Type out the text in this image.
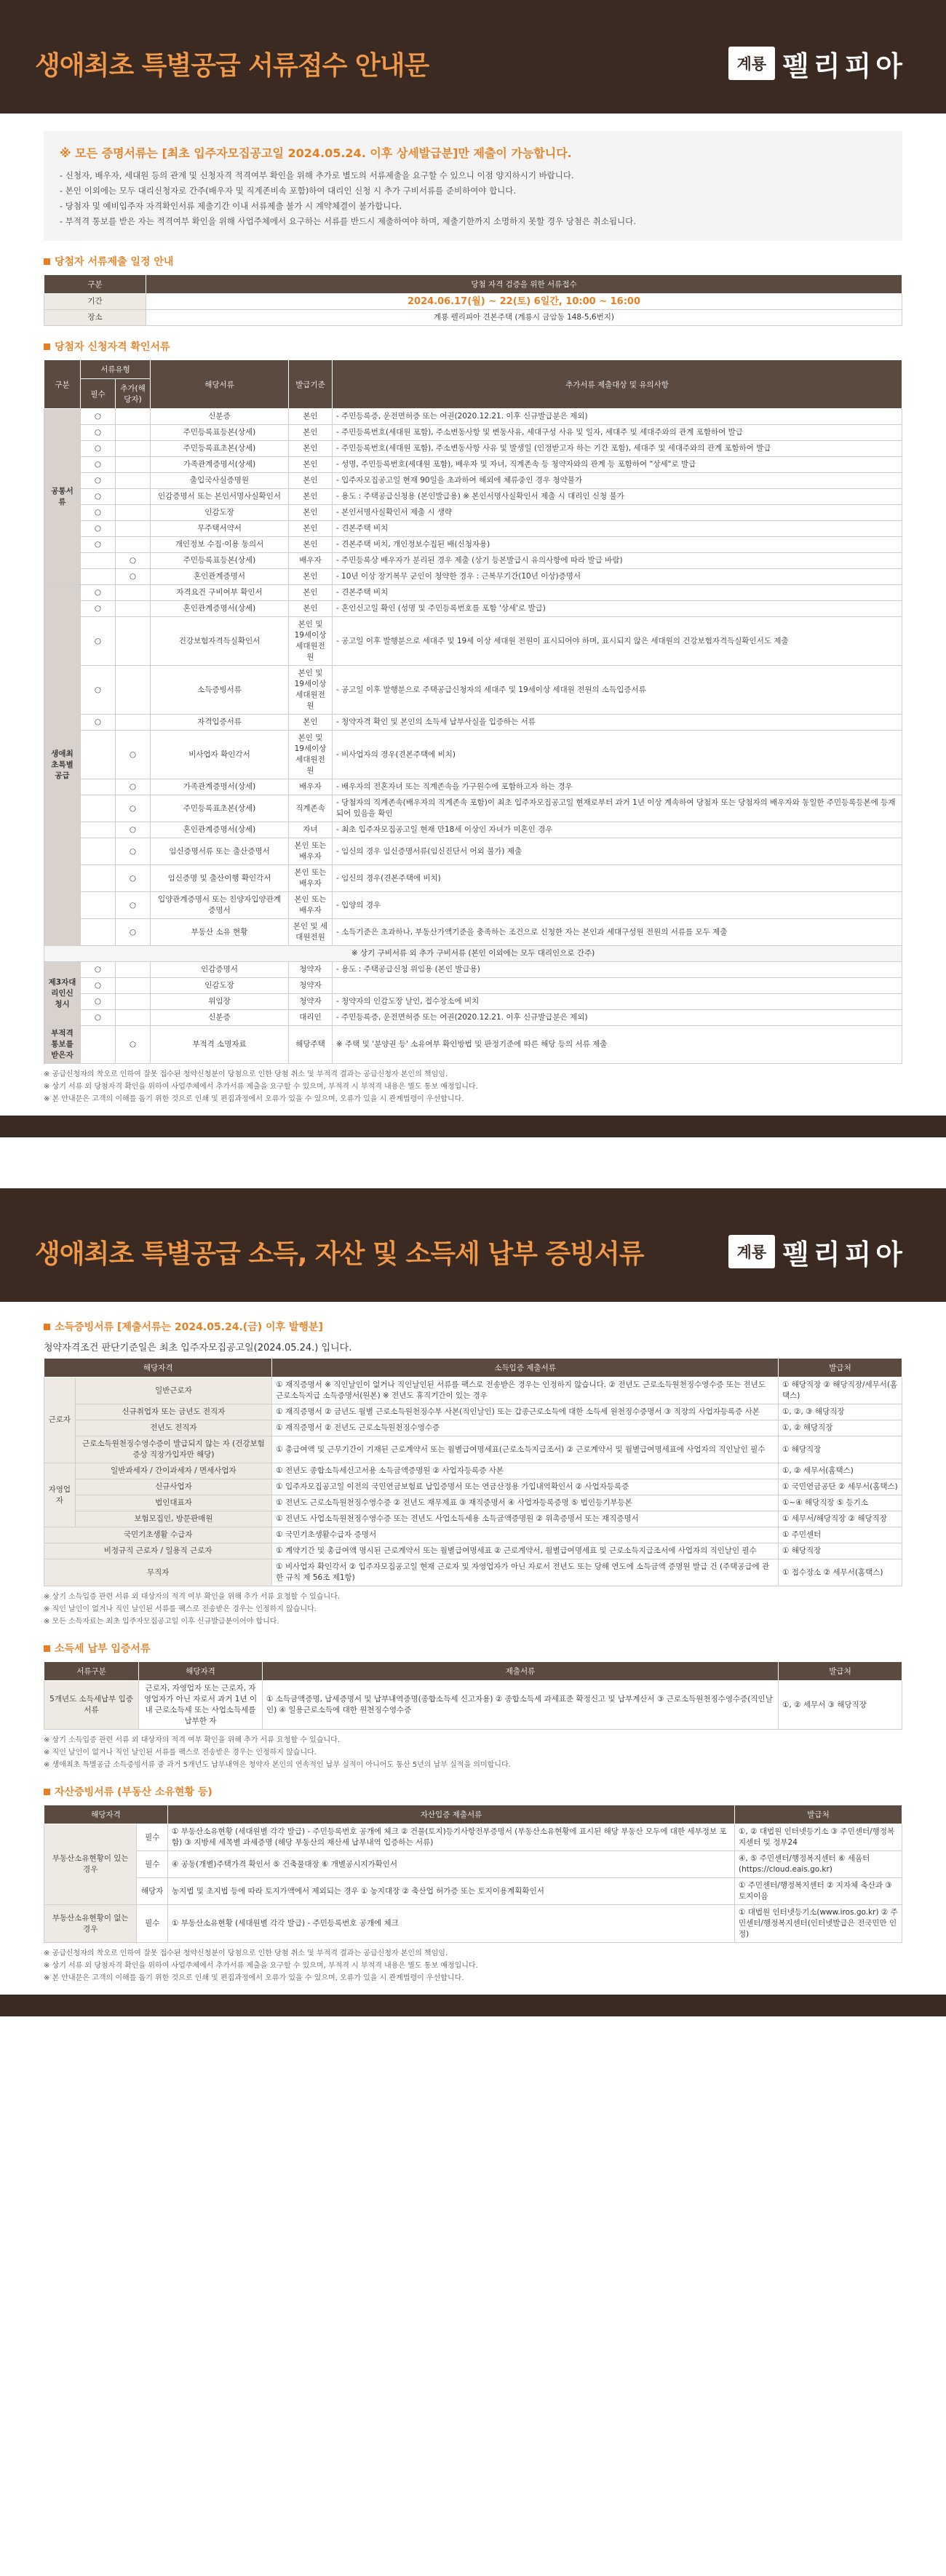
생애최초 특별공급 서류접수 안내문	계룡 펠리피아
※ 모든 증명서류는 [최초 입주자모집공고일 2024.05.24. 이후 상세발급분]만 제출이 가능합니다.

- 신청자, 배우자, 세대원 등의 관계 및 신청자격 적격여부 확인을 위해 추가로 별도의 서류제출을 요구할 수 있으니 이점 양지하시기 바랍니다.

- 본인 이외에는 모두 대리신청자로 간주(배우자 및 직계존비속 포함)하여 대리인 신청 시 추가 구비서류를 준비하여야 합니다.

- 당첨자 및 예비입주자 자격확인서류 제출기간 이내 서류제출 불가 시 계약체결이 불가합니다.

- 부적격 통보를 받은 자는 적격여부 확인을 위해 사업주체에서 요구하는 서류를 반드시 제출하여야 하며, 제출기한까지 소명하지 못할 경우 당첨은 취소됩니다.

당첨자 서류제출 일정 안내
구분	당첨 자격 검증을 위한 서류접수
기간	2024.06.17(월) ~ 22(토) 6일간, 10:00 ~ 16:00
장소	계룡 펠리피아 견본주택 (계룡시 금암동 148-5,6번지)
당첨자 신청자격 확인서류
구분	서류유형		해당서류	발급기준	추가서류 제출대상 및 유의사항
	필수	추가(해당자)			
공통서류	○		신분증	본인	- 주민등록증, 운전면허증 또는 여권(2020.12.21. 이후 신규발급분은 제외)
	○		주민등록표등본(상세)	본인	- 주민등록번호(세대원 포함), 주소변동사항 및 변동사유, 세대구성 사유 및 일자, 세대주 및 세대주와의 관계 포함하여 발급
	○		주민등록표초본(상세)	본인	- 주민등록번호(세대원 포함), 주소변동사항 사유 및 발생일 (인정받고자 하는 기간 포함), 세대주 및 세대주와의 관계 포함하여 발급
	○		가족관계증명서(상세)	본인	- 성명, 주민등록번호(세대원 포함), 배우자 및 자녀, 직계존속 등 청약자와의 관계 등 포함하여 "상세"로 발급
	○		출입국사실증명원	본인	- 입주자모집공고일 현재 90일을 초과하여 해외에 체류중인 경우 청약불가
	○		인감증명서 또는 본인서명사실확인서	본인	- 용도 : 주택공급신청용 (본인발급용) ※ 본인서명사실확인서 제출 시 대리인 신청 불가
	○		인감도장	본인	- 본인서명사실확인서 제출 시 생략
	○		무주택서약서	본인	- 견본주택 비치
	○		개인정보 수집·이용 동의서	본인	- 견본주택 비치, 개인정보수집된 배(신청자용)
		○	주민등록표등본(상세)	배우자	- 주민등록상 배우자가 분리된 경우 제출 (상기 등본발급시 유의사항에 따라 발급 바람)
		○	혼인관계증명서	본인	- 10년 이상 장기복무 군인이 청약한 경우 : 근복무기간(10년 이상)증명서
생애최초특별공급	○		자격요건 구비여부 확인서	본인	- 견본주택 비치
	○		혼인관계증명서(상세)	본인	- 혼인신고일 확인 (성명 및 주민등록번호를 포함 '상세'로 발급)
	○		건강보험자격득실확인서	본인 및 19세이상 세대원전원	- 공고일 이후 발행분으로 세대주 및 19세 이상 세대원 전원이 표시되어야 하며, 표시되지 않은 세대원의 건강보험자격득실확인서도 제출
	○		소득증빙서류	본인 및 19세이상 세대원전원	- 공고일 이후 발행분으로 주택공급신청자의 세대주 및 19세이상 세대원 전원의 소득입증서류
	○		자격입증서류	본인	- 청약자격 확인 및 본인의 소득세 납부사실을 입증하는 서류
		○	비사업자 확인각서	본인 및 19세이상 세대원전원	- 비사업자의 경우(견본주택에 비치)
		○	가족관계증명서(상세)	배우자	- 배우자의 전혼자녀 또는 직계존속을 가구원수에 포함하고자 하는 경우
		○	주민등록표초본(상세)	직계존속	- 당첨자의 직계존속(배우자의 직계존속 포함)이 최초 입주자모집공고일 현재로부터 과거 1년 이상 계속하여 당첨자 또는 당첨자의 배우자와 동일한 주민등록등본에 등재되어 있음을 확인
		○	혼인관계증명서(상세)	자녀	- 최초 입주자모집공고일 현재 만18세 이상인 자녀가 미혼인 경우
		○	임신증명서류 또는 출산증명서	본인 또는 배우자	- 임신의 경우 임신증명서류(임신진단서 어외 불가) 제출
		○	임신증명 및 출산이행 확인각서	본인 또는 배우자	- 임신의 경우(견본주택에 비치)
		○	입양관계증명서 또는 친양자입양관계증명서	본인 또는 배우자	- 입양의 경우
		○	부동산 소유 현황	본인 및 세대원전원	- 소득기준은 초과하나, 부동산가액기준을 충족하는 조건으로 신청한 자는 본인과 세대구성원 전원의 서류를 모두 제출
※ 상기 구비서류 외 추가 구비서류 (본인 이외에는 모두 대리인으로 간주)					
제3자대리인신청시	○		인감증명서	청약자	- 용도 : 주택공급신청 위임용 (본인 발급용)
	○		인감도장	청약자	
	○		위임장	청약자	- 청약자의 인감도장 날인, 접수장소에 비치
	○		신분증	대리인	- 주민등록증, 운전면허증 또는 여권(2020.12.21. 이후 신규발급분은 제외)
부적격통보를받은자		○	부적격 소명자료	해당주택	※ 주택 및 '분양권 등' 소유여부 확인방법 및 판정기준에 따른 해당 등의 서류 제출
※ 공급신청자의 착오로 인하여 잘못 접수된 청약신청분이 당첨으로 인한 당첨 취소 및 부적격 결과는 공급신청자 본인의 책임임.
※ 상기 서류 외 당첨자격 확인을 위하여 사업주체에서 추가서류 제출을 요구할 수 있으며, 부적격 시 부적격 내용은 별도 통보 예정입니다.
※ 본 안내문은 고객의 이해를 돕기 위한 것으로 인쇄 및 편집과정에서 오류가 있을 수 있으며, 오류가 있을 시 관계법령이 우선합니다.
생애최초 특별공급 소득, 자산 및 소득세 납부 증빙서류	계룡 펠리피아
소득증빙서류 [제출서류는 2024.05.24.(금) 이후 발행분]
청약자격조건 판단기준일은 최초 입주자모집공고일(2024.05.24.) 입니다.
해당자격		소득입증 제출서류	발급처
근로자	일반근로자	① 재직증명서 ※ 직인날인이 없거나 직인날인된 서류를 팩스로 전송받은 경우는 인정하지 않습니다. ② 전년도 근로소득원천징수영수증 또는 전년도 근로소득지급 소득증명서(원본) ※ 전년도 휴직기간이 있는 경우	① 해당직장 ② 해당직장/세무서(홈택스)
	신규취업자 또는 금년도 전직자	① 재직증명서 ② 금년도 월별 근로소득원천징수부 사본(직인날인) 또는 갑종근로소득에 대한 소득세 원천징수증명서 ③ 직장의 사업자등록증 사본	①, ②, ③ 해당직장
	전년도 전직자	① 재직증명서 ② 전년도 근로소득원천징수영수증	①, ② 해당직장
	근로소득원천징수영수증이 발급되지 않는 자 (건강보험증상 직장가입자만 해당)	① 총급여액 및 근무기간이 기재된 근로계약서 또는 월별급여명세표(근로소득지급조서) ② 근로계약서 및 월별급여명세표에 사업자의 직인날인 필수	① 해당직장
자영업자	일반과세자 / 간이과세자 / 면세사업자	① 전년도 종합소득세신고서용 소득금액증명원 ② 사업자등록증 사본	①, ② 세무서(홈택스)
	신규사업자	① 입주자모집공고일 이전의 국민연금보험료 납입증명서 또는 연금산정용 가입내역확인서 ② 사업자등록증	① 국민연금공단 ② 세무서(홈택스)
	법인대표자	① 전년도 근로소득원천징수영수증 ② 전년도 재무제표 ③ 재직증명서 ④ 사업자등록증명 ⑤ 법인등기부등본	①~④ 해당직장 ⑤ 등기소
	보험모집인, 방문판매원	① 전년도 사업소득원천징수영수증 또는 전년도 사업소득세용 소득금액증명원 ② 위촉증명서 또는 재직증명서	① 세무서/해당직장 ② 해당직장
국민기초생활 수급자		① 국민기초생활수급자 증명서	① 주민센터
비정규직 근로자 / 일용직 근로자		① 계약기간 및 총급여액 명시된 근로계약서 또는 월별급여명세표 ② 근로계약서, 월별급여명세표 및 근로소득지급조서에 사업자의 직인날인 필수	① 해당직장
무직자		① 비사업자 확인각서 ② 입주자모집공고일 현재 근로자 및 자영업자가 아닌 자로서 전년도 또는 당해 연도에 소득금액 증명원 발급 건 (주택공급에 관한 규칙 제 56조 제1항)	① 접수장소 ② 세무서(홈택스)
※ 상기 소득입증 관련 서류 외 대상자의 적격 여부 확인을 위해 추가 서류 요청할 수 있습니다.
※ 직인 날인이 없거나 직인 날인된 서류를 팩스로 전송받은 경우는 인정하지 않습니다.
※ 모든 소득자료는 최초 입주자모집공고일 이후 신규발급분이어야 합니다.
소득세 납부 입증서류
서류구분	해당자격	제출서류	발급처
5개년도 소득세납부 입증서류	근로자, 자영업자 또는 근로자, 자영업자가 아닌 자로서 과거 1년 이내 근로소득세 또는 사업소득세를 납부한 자	① 소득금액증명, 납세증명서 및 납부내역증명(종합소득세 신고자용) ② 종합소득세 과세표준 확정신고 및 납부계산서 ③ 근로소득원천징수영수증(직인날인) ④ 일용근로소득에 대한 원천징수영수증	①, ② 세무서 ③ 해당직장
※ 상기 소득입증 관련 서류 외 대상자의 적격 여부 확인을 위해 추가 서류 요청할 수 있습니다.
※ 직인 날인이 없거나 직인 날인된 서류를 팩스로 전송받은 경우는 인정하지 않습니다.
※ 생애최초 특별공급 소득증빙서류 중 과거 5개년도 납부내역은 청약자 본인의 연속적인 납부 실적이 아니어도 통산 5년의 납부 실적을 의미합니다.
자산증빙서류 (부동산 소유현황 등)
해당자격		자산입증 제출서류	발급처
부동산소유현황이 있는 경우	필수	① 부동산소유현황 (세대원별 각각 발급) - 주민등록번호 공개에 체크 ② 건물(토지)등기사항전부증명서 (부동산소유현황에 표시된 해당 부동산 모두에 대한 세부정보 포함) ③ 지방세 세목별 과세증명 (해당 부동산의 재산세 납부내역 입증하는 서류)	①, ② 대법원 인터넷등기소 ③ 주민센터/행정복지센터 및 정부24
	필수	④ 공동(개별)주택가격 확인서 ⑤ 건축물대장 ⑥ 개별공시지가확인서	④, ⑤ 주민센터/행정복지센터 ⑥ 세움터(https://cloud.eais.go.kr)
	해당자	농지법 및 초지법 등에 따라 토지가액에서 제외되는 경우 ① 농지대장 ② 축산업 허가증 또는 토지이용계획확인서	① 주민센터/행정복지센터 ② 지자체 축산과 ③ 토지이음
부동산소유현황이 없는 경우	필수	① 부동산소유현황 (세대원별 각각 발급) - 주민등록번호 공개에 체크	① 대법원 인터넷등기소(www.iros.go.kr) ② 주민센터/행정복지센터(인터넷발급은 전국민만 인정)
※ 공급신청자의 착오로 인하여 잘못 접수된 청약신청분이 당첨으로 인한 당첨 취소 및 부적격 결과는 공급신청자 본인의 책임임.
※ 상기 서류 외 당첨자격 확인을 위하여 사업주체에서 추가서류 제출을 요구할 수 있으며, 부적격 시 부적격 내용은 별도 통보 예정입니다.
※ 본 안내문은 고객의 이해를 돕기 위한 것으로 인쇄 및 편집과정에서 오류가 있을 수 있으며, 오류가 있을 시 관계법령이 우선합니다.
